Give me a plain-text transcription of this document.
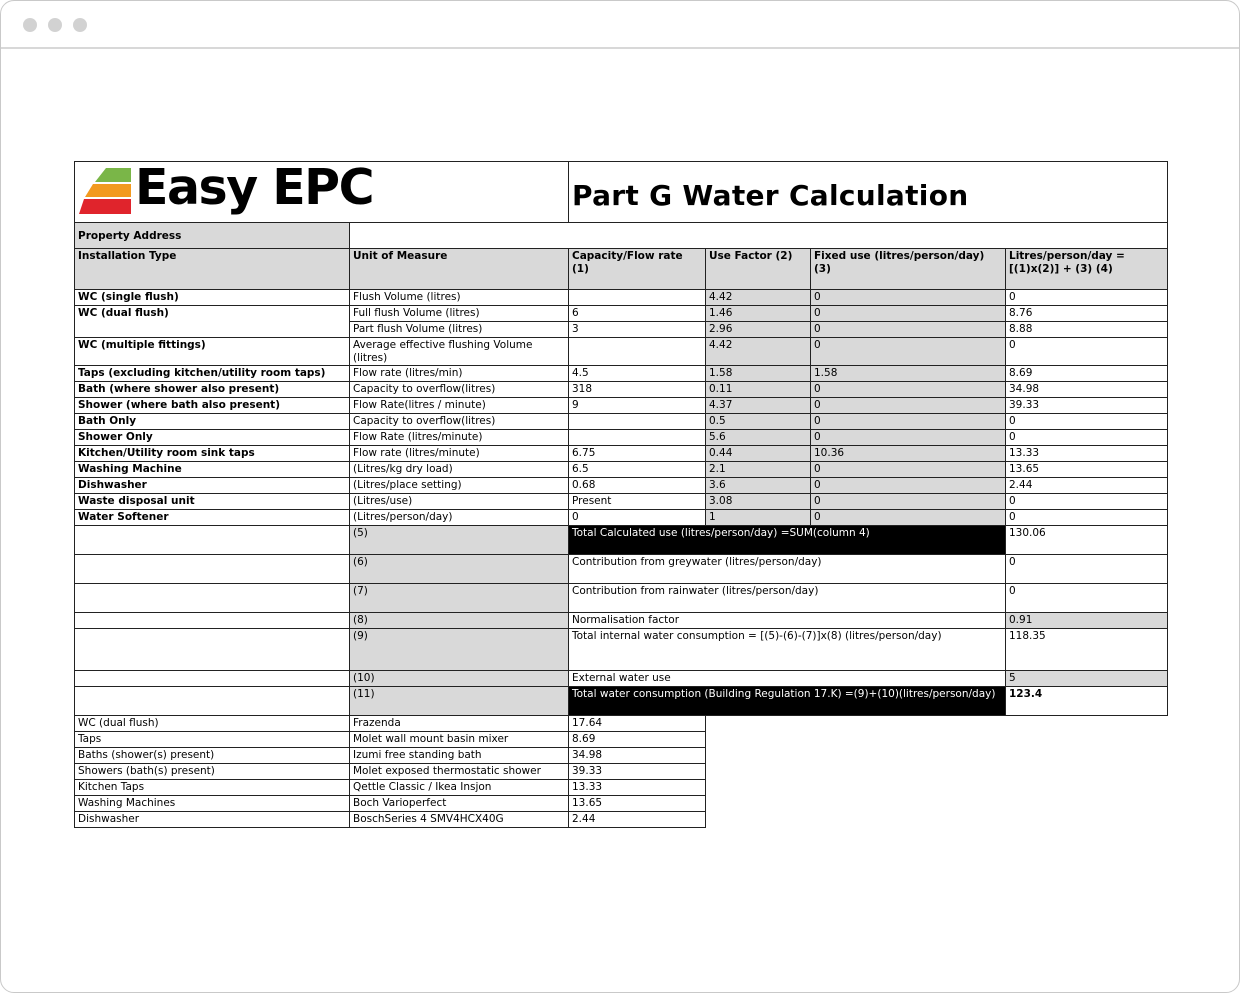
Easy EPC		Part G Water Calculation			

Property Address					
Installation Type	Unit of Measure	Capacity/Flow rate (1)	Use Factor (2)	Fixed use (litres/person/day) (3)	Litres/person/day = [(1)x(2)] + (3) (4)
WC (single flush)	Flush Volume (litres)		4.42	0	0
WC (dual flush)	Full flush Volume (litres)	6	1.46	0	8.76
	Part flush Volume (litres)	3	2.96	0	8.88
WC (multiple fittings)	Average effective flushing Volume (litres)		4.42	0	0
Taps (excluding kitchen/utility room taps)	Flow rate (litres/min)	4.5	1.58	1.58	8.69
Bath (where shower also present)	Capacity to overflow(litres)	318	0.11	0	34.98
Shower (where bath also present)	Flow Rate(litres / minute)	9	4.37	0	39.33
Bath Only	Capacity to overflow(litres)		0.5	0	0
Shower Only	Flow Rate (litres/minute)		5.6	0	0
Kitchen/Utility room sink taps	Flow rate (litres/minute)	6.75	0.44	10.36	13.33
Washing Machine	(Litres/kg dry load)	6.5	2.1	0	13.65
Dishwasher	(Litres/place setting)	0.68	3.6	0	2.44
Waste disposal unit	(Litres/use)	Present	3.08	0	0
Water Softener	(Litres/person/day)	0	1	0	0
	(5)	Total Calculated use (litres/person/day) =SUM(column 4)			130.06
	(6)	Contribution from greywater (litres/person/day)			0
	(7)	Contribution from rainwater (litres/person/day)			0
	(8)	Normalisation factor			0.91
	(9)	Total internal water consumption = [(5)-(6)-(7)]x(8) (litres/person/day)			118.35
	(10)	External water use			5
	(11)	Total water consumption (Building Regulation 17.K) =(9)+(10)(litres/person/day)			123.4
WC (dual flush)	Frazenda	17.64			
Taps	Molet wall mount basin mixer	8.69			
Baths (shower(s) present)	Izumi free standing bath	34.98			
Showers (bath(s) present)	Molet exposed thermostatic shower	39.33			
Kitchen Taps	Qettle Classic / Ikea Insjon	13.33			
Washing Machines	Boch Varioperfect	13.65			
Dishwasher	BoschSeries 4 SMV4HCX40G	2.44			
